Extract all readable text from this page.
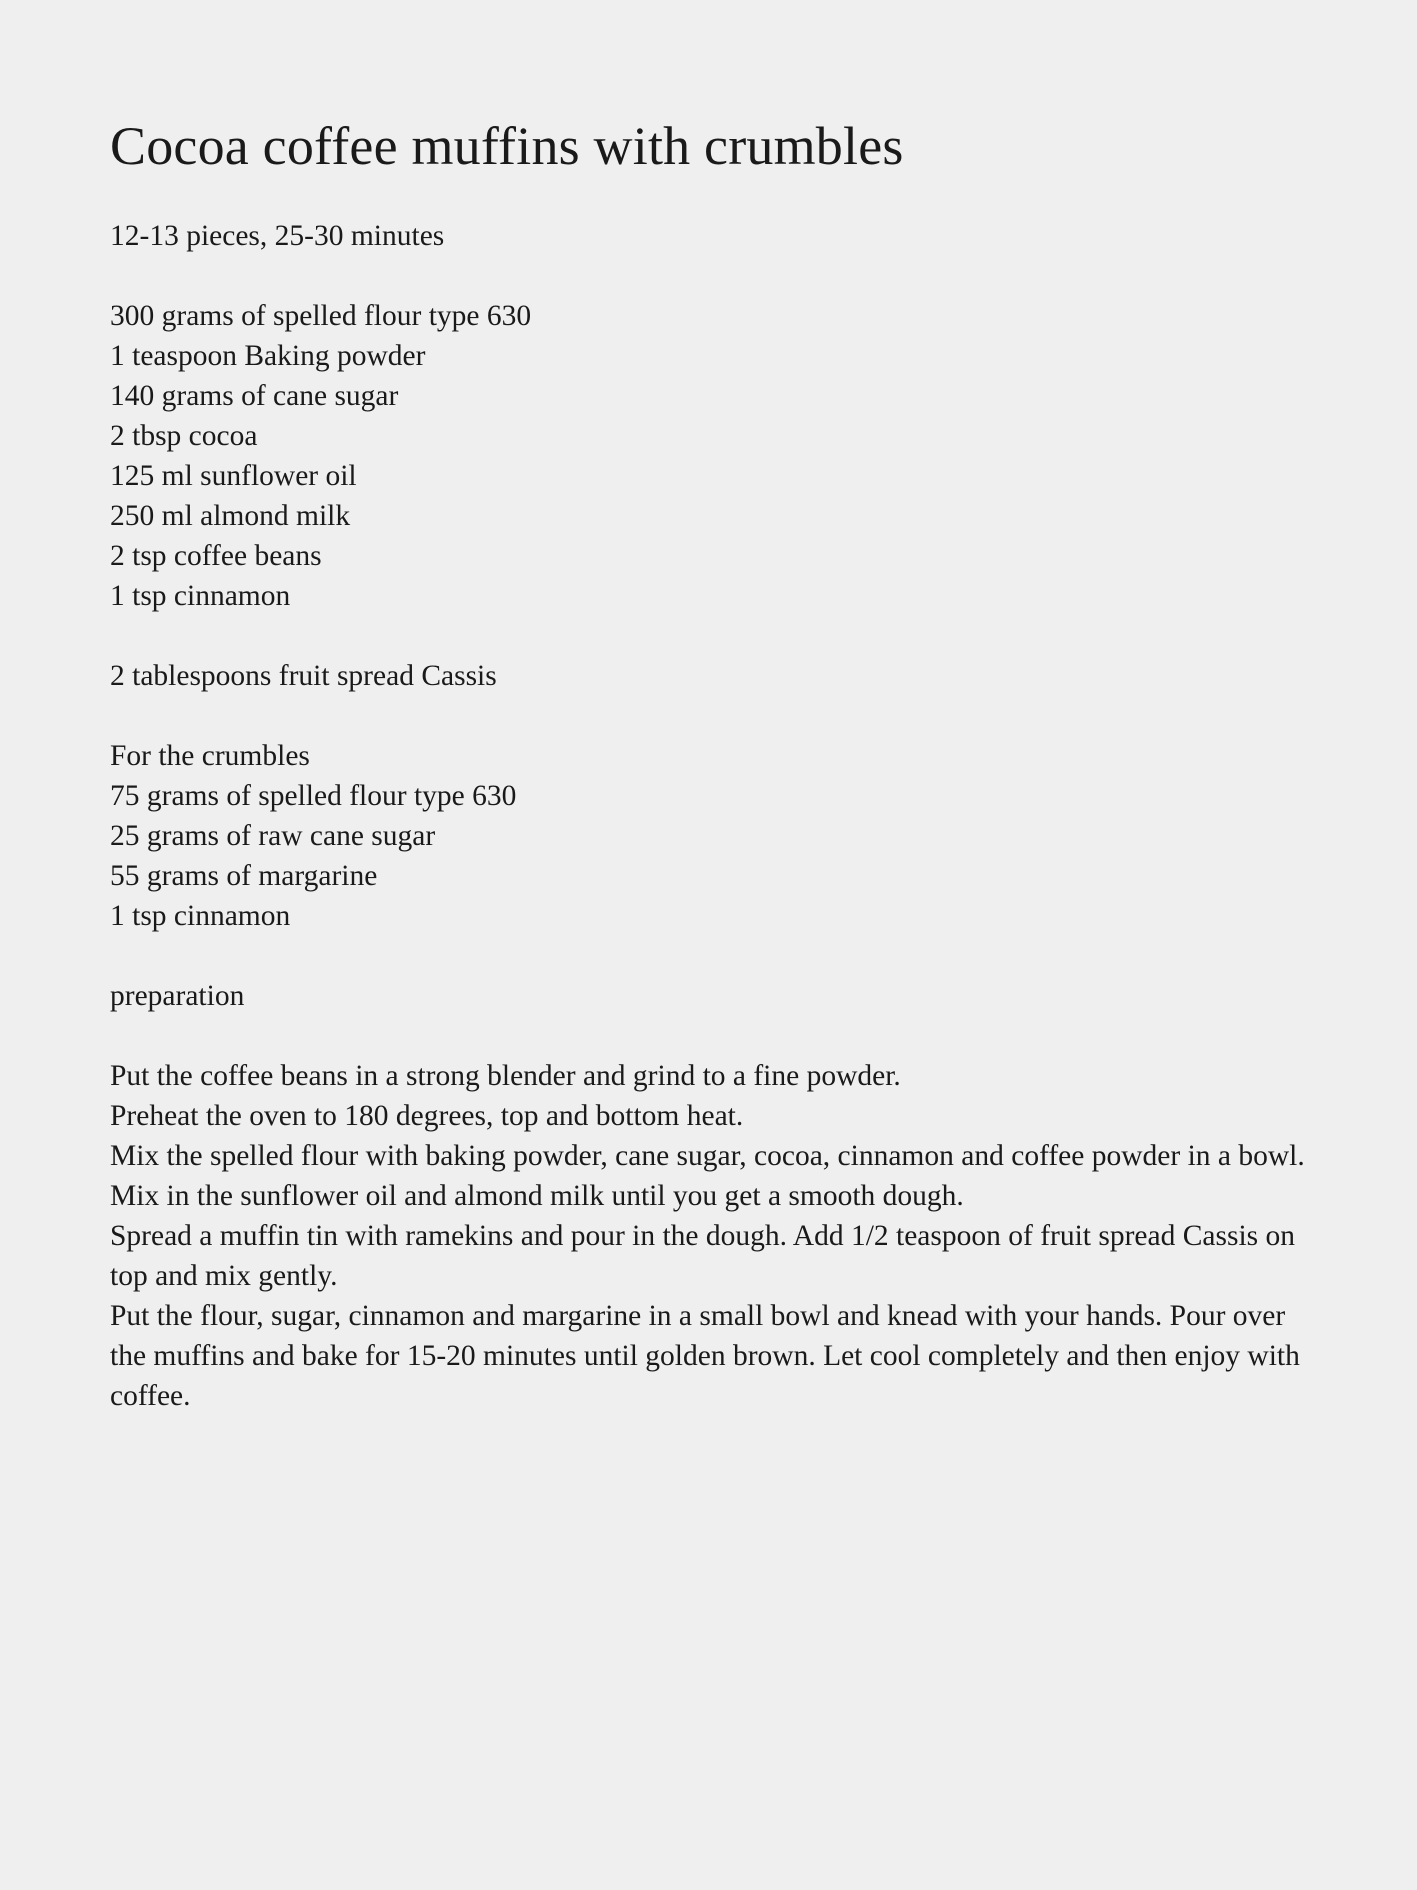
Cocoa coffee muffins with crumbles
12-13 pieces, 25-30 minutes
300 grams of spelled flour type 630
1 teaspoon Baking powder
140 grams of cane sugar
2 tbsp cocoa
125 ml sunflower oil
250 ml almond milk
2 tsp coffee beans
1 tsp cinnamon
2 tablespoons fruit spread Cassis
For the crumbles
75 grams of spelled flour type 630
25 grams of raw cane sugar
55 grams of margarine
1 tsp cinnamon
preparation
Put the coffee beans in a strong blender and grind to a fine powder.
Preheat the oven to 180 degrees, top and bottom heat.
Mix the spelled flour with baking powder, cane sugar, cocoa, cinnamon and coffee powder in a bowl. Mix in the sunflower oil and almond milk until you get a smooth dough.
Spread a muffin tin with ramekins and pour in the dough. Add 1/2 teaspoon of fruit spread Cassis on top and mix gently.
Put the flour, sugar, cinnamon and margarine in a small bowl and knead with your hands. Pour over the muffins and bake for 15-20 minutes until golden brown. Let cool completely and then enjoy with coffee.
